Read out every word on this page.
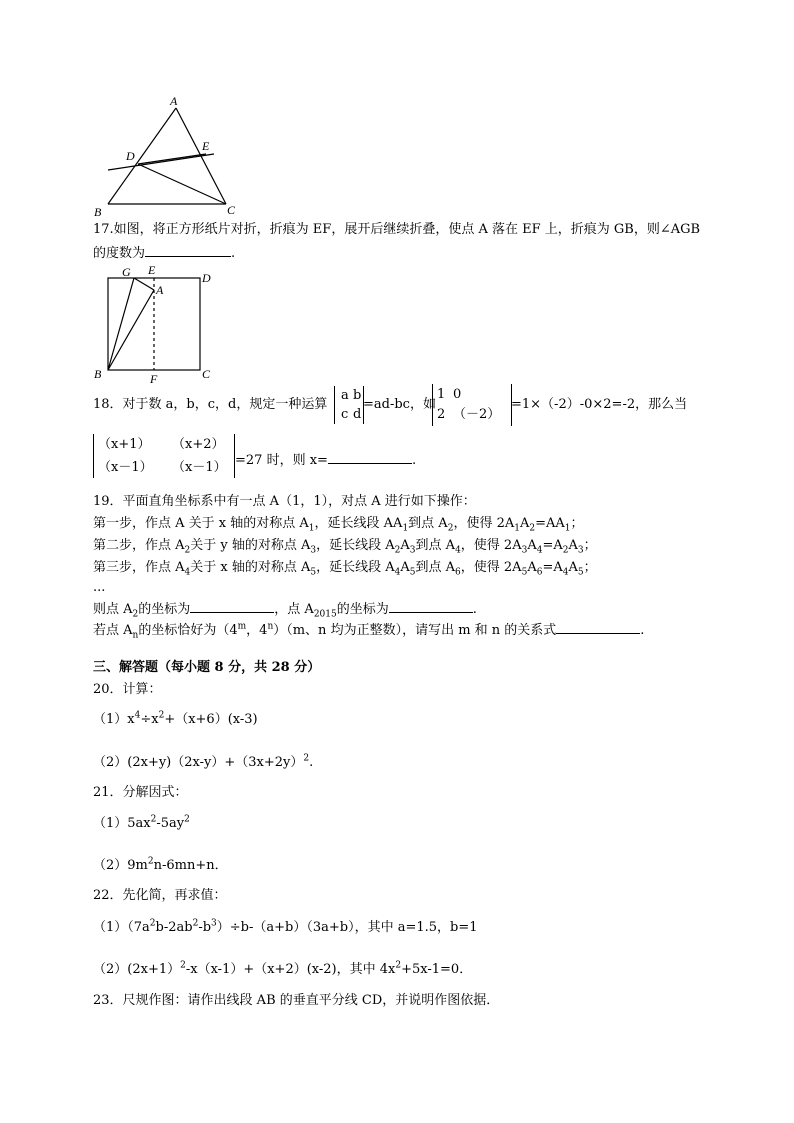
A
D
E
B	C
17.如图，将正方形纸片对折，折痕为 EF，展开后继续折叠，使点 A 落在 EF 上，折痕为 GB，则∠AGB
的度数为	.
G E
A
D
B	F	C
18．对于数 a，b，c，d，规定一种运算
a b
c d
=ad-bc，如
1 0
2 （－2）
=1×（-2）-0×2=-2，那么当
（x+1） （x+2）
（x－1） （x－1） =27 时，则 x=	.
19．平面直角坐标系中有一点 A（1，1），对点 A 进行如下操作：
第一步，作点 A 关于 x 轴的对称点 $A_1$，延长线段 $AA_1$到点 $A_2$，使得 $2A_1A_2=AA_1$；
第二步，作点 $A_2$关于 y 轴的对称点 $A_3$，延长线段 $A_2A_3$到点 $A_4$，使得 $2A_3A_4=A_2A_3$；
第三步，作点 $A_4$关于 x 轴的对称点 $A_5$，延长线段 $A_4A_5$到点 $A_6$，使得 $2A_5A_6=A_4A_5$；
...
则点 $A_2$的坐标为	，点 $A_{2015}$的坐标为	.
若点 $A_n$的坐标恰好为（4$^m$，4$^n$）（m、n 均为正整数），请写出 m 和 n 的关系式	.
三、解答题（每小题 8 分，共 28 分）
20．计算：
$(1)x^4\div x^2+(x+6)(x-3)$
$(2)(2x+y)(2x-y)+(3x+2y)^2$.
21．分解因式：
$(1)5ax^2-5ay^2$
$(2)9m^2n-6mn+n$．
22．先化简，再求值：
$(1)(7a^2b-2ab^2-b^3)\div b-(a+b)(3a+b)$，其中 a=1.5，b=1
（2）(2x+1）$^2$-x（x-1）+（x+2）(x-2)，其中 $4x^2+5x-1=0$．
23．尺规作图：请作出线段 AB 的垂直平分线 CD，并说明作图依据．
